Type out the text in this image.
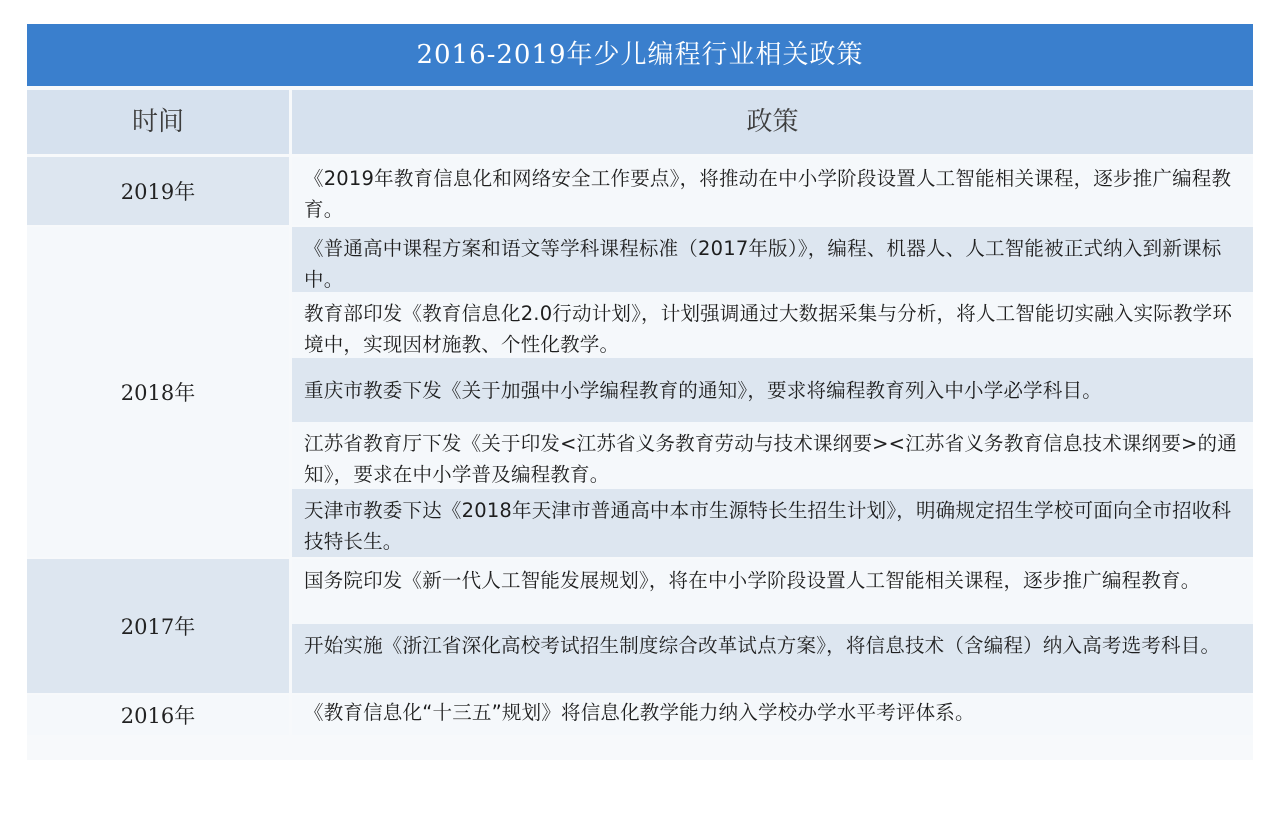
2016-2019年少儿编程行业相关政策
时间	政策
2019年
《2019年教育信息化和网络安全工作要点》，将推动在中小学阶段设置人工智能相关课程，逐步推广编程教育。
2018年
《普通高中课程方案和语文等学科课程标准（2017年版）》，编程、机器人、人工智能被正式纳入到新课标中。
教育部印发《教育信息化2.0行动计划》，计划强调通过大数据采集与分析，将人工智能切实融入实际教学环境中，实现因材施教、个性化教学。
重庆市教委下发《关于加强中小学编程教育的通知》，要求将编程教育列入中小学必学科目。
江苏省教育厅下发《关于印发<江苏省义务教育劳动与技术课纲要><江苏省义务教育信息技术课纲要>的通知》，要求在中小学普及编程教育。
天津市教委下达《2018年天津市普通高中本市生源特长生招生计划》，明确规定招生学校可面向全市招收科技特长生。
2017年
国务院印发《新一代人工智能发展规划》，将在中小学阶段设置人工智能相关课程，逐步推广编程教育。
开始实施《浙江省深化高校考试招生制度综合改革试点方案》，将信息技术（含编程）纳入高考选考科目。
2016年	《教育信息化“十三五”规划》将信息化教学能力纳入学校办学水平考评体系。
